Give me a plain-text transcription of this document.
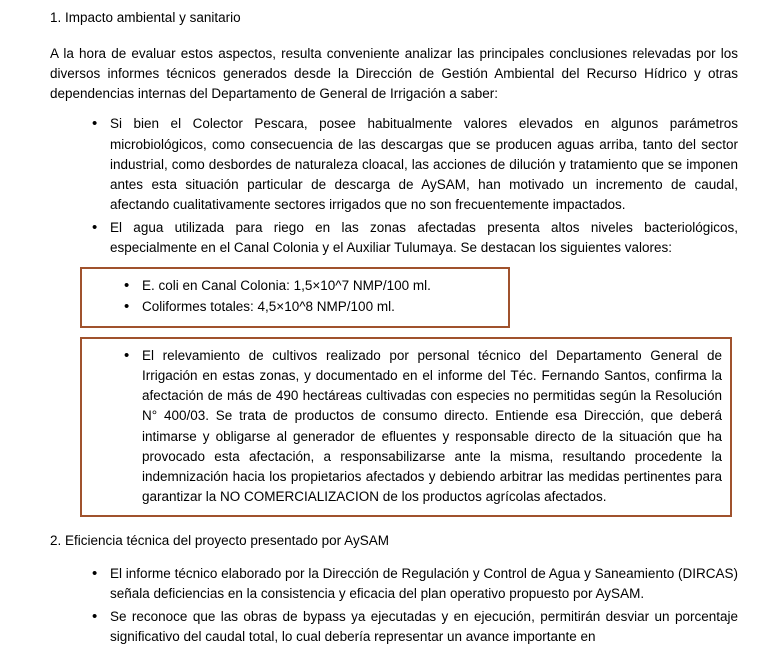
1. Impacto ambiental y sanitario
A la hora de evaluar estos aspectos, resulta conveniente analizar las principales conclusiones relevadas por los diversos informes técnicos generados desde la Dirección de Gestión Ambiental del Recurso Hídrico y otras dependencias internas del Departamento de General de Irrigación a saber:
• Si bien el Colector Pescara, posee habitualmente valores elevados en algunos parámetros microbiológicos, como consecuencia de las descargas que se producen aguas arriba, tanto del sector industrial, como desbordes de naturaleza cloacal, las acciones de dilución y tratamiento que se imponen antes esta situación particular de descarga de AySAM, han motivado un incremento de caudal, afectando cualitativamente sectores irrigados que no son frecuentemente impactados.
• El agua utilizada para riego en las zonas afectadas presenta altos niveles bacteriológicos, especialmente en el Canal Colonia y el Auxiliar Tulumaya. Se destacan los siguientes valores:
• E. coli en Canal Colonia: 1,5×10^7 NMP/100 ml.
• Coliformes totales: 4,5×10^8 NMP/100 ml.
• El relevamiento de cultivos realizado por personal técnico del Departamento General de Irrigación en estas zonas, y documentado en el informe del Téc. Fernando Santos, confirma la afectación de más de 490 hectáreas cultivadas con especies no permitidas según la Resolución N° 400/03. Se trata de productos de consumo directo. Entiende esa Dirección, que deberá intimarse y obligarse al generador de efluentes y responsable directo de la situación que ha provocado esta afectación, a responsabilizarse ante la misma, resultando procedente la indemnización hacia los propietarios afectados y debiendo arbitrar las medidas pertinentes para garantizar la NO COMERCIALIZACION de los productos agrícolas afectados.
2. Eficiencia técnica del proyecto presentado por AySAM
• El informe técnico elaborado por la Dirección de Regulación y Control de Agua y Saneamiento (DIRCAS) señala deficiencias en la consistencia y eficacia del plan operativo propuesto por AySAM.
• Se reconoce que las obras de bypass ya ejecutadas y en ejecución, permitirán desviar un porcentaje significativo del caudal total, lo cual debería representar un avance importante en
